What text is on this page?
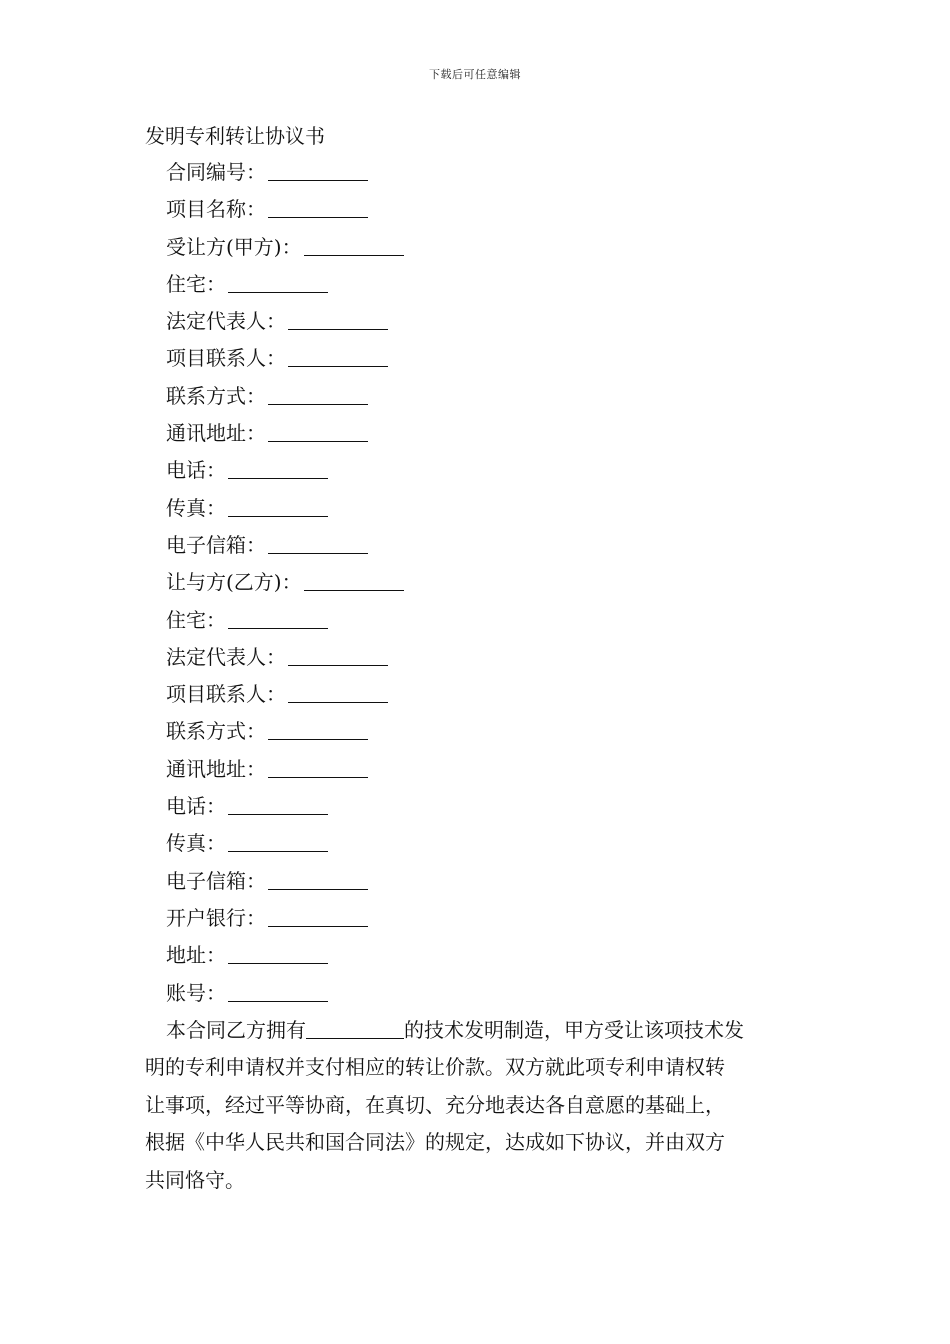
下载后可任意编辑
发明专利转让协议书
合同编号：
项目名称：
受让方(甲方)：
住宅：
法定代表人：
项目联系人：
联系方式：
通讯地址：
电话：
传真：
电子信箱：
让与方(乙方)：
住宅：
法定代表人：
项目联系人：
联系方式：
通讯地址：
电话：
传真：
电子信箱：
开户银行：
地址：
账号：

本合同乙方拥有	的技术发明制造，甲方受让该项技术发
明的专利申请权并支付相应的转让价款。双方就此项专利申请权转
让事项，经过平等协商，在真切、充分地表达各自意愿的基础上，
根据《中华人民共和国合同法》的规定，达成如下协议，并由双方
共同恪守。
